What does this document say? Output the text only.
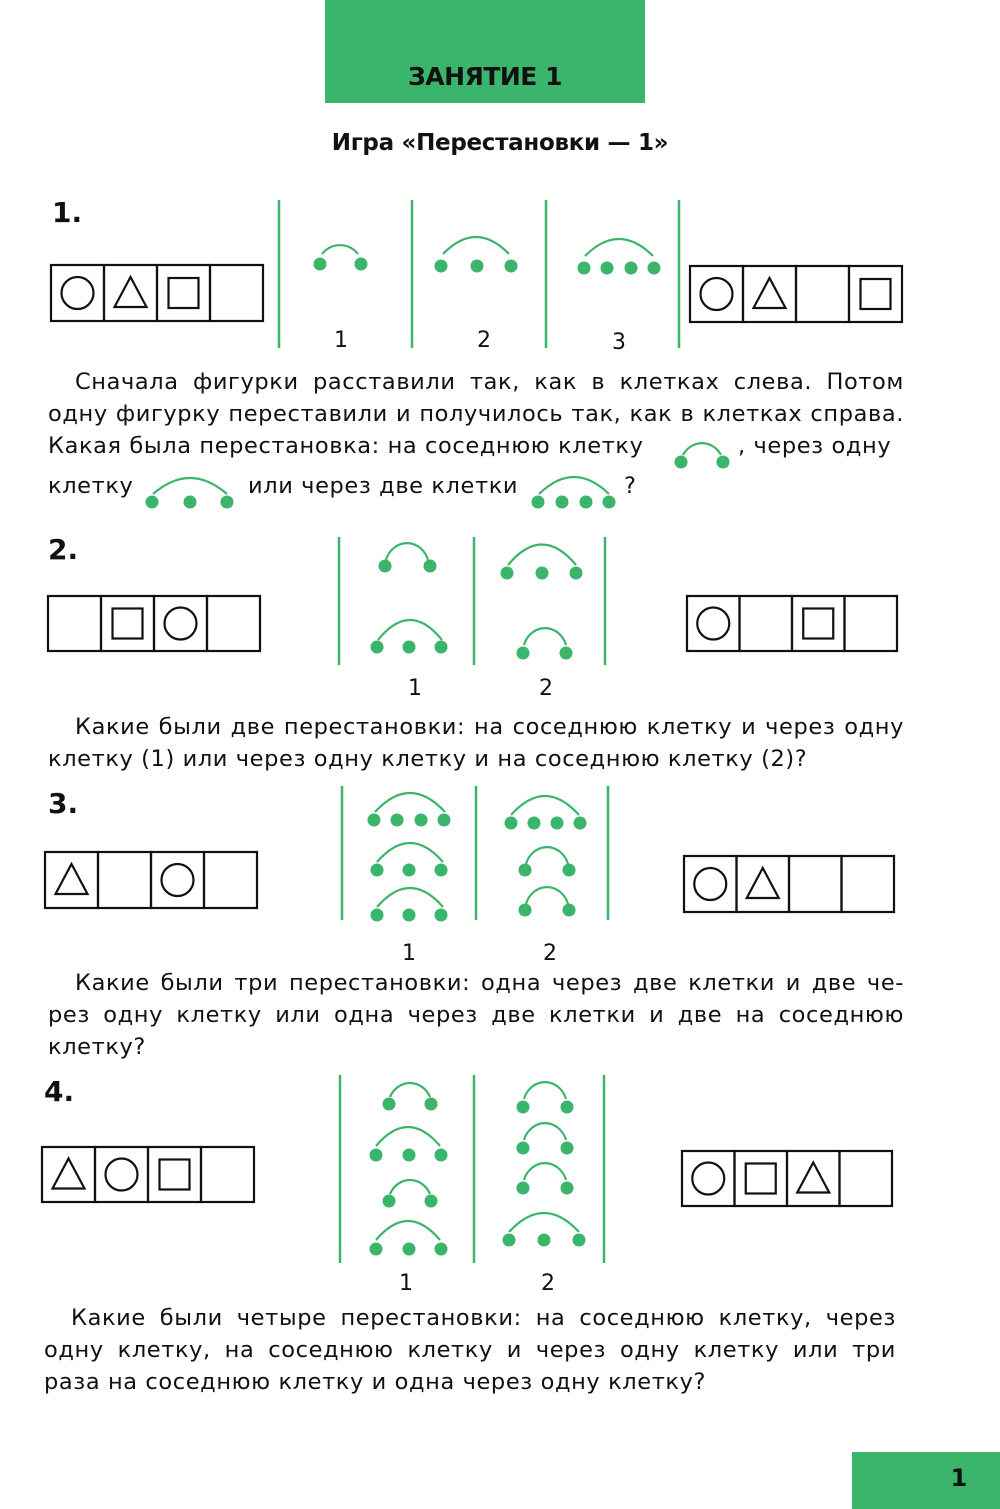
ЗАНЯТИЕ 1
Игра «Перестановки — 1»
1.
2.
3.
4.
1	2	3
1	2
1	2
1	2
Сначала фигурки расставили так, как в клетках слева. Потом
одну фигурку переставили и получилось так, как в клетках справа.
Какая была перестановка: на соседнюю клетку	, через одну
клетку	или через две клетки	?
Какие были две перестановки: на соседнюю клетку и через одну
клетку (1) или через одну клетку и на соседнюю клетку (2)?
Какие были три перестановки: одна через две клетки и две че-
рез одну клетку или одна через две клетки и две на соседнюю
клетку?
Какие были четыре перестановки: на соседнюю клетку, через
одну клетку, на соседнюю клетку и через одну клетку или три
раза на соседнюю клетку и одна через одну клетку?
1
